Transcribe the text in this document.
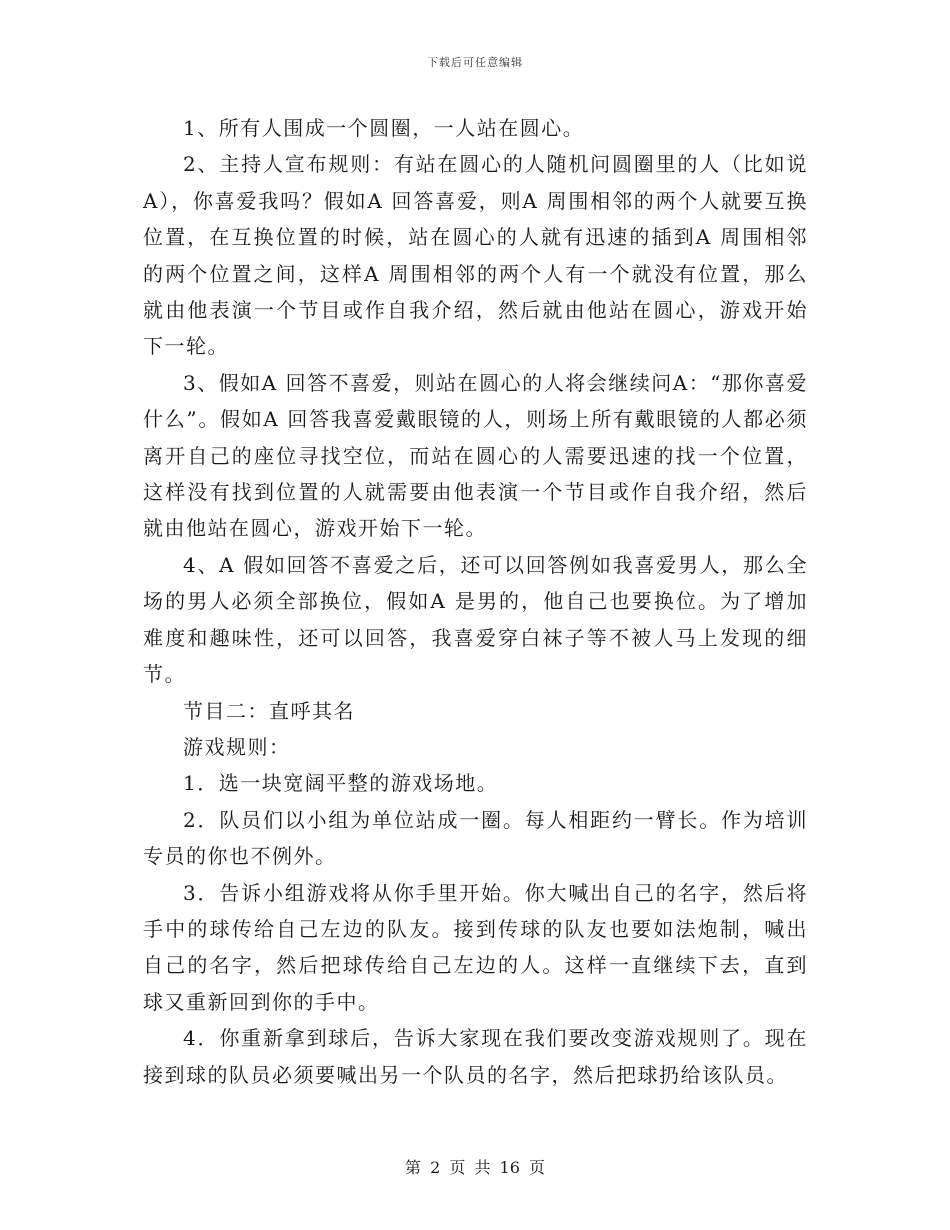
下载后可任意编辑

1、所有人围成一个圆圈，一人站在圆心。

2、主持人宣布规则：有站在圆心的人随机问圆圈里的人（比如说A），你喜爱我吗？假如A 回答喜爱，则A 周围相邻的两个人就要互换位置，在互换位置的时候，站在圆心的人就有迅速的插到A 周围相邻的两个位置之间，这样A 周围相邻的两个人有一个就没有位置，那么就由他表演一个节目或作自我介绍，然后就由他站在圆心，游戏开始下一轮。

3、假如A 回答不喜爱，则站在圆心的人将会继续问A：“那你喜爱什么”。假如A 回答我喜爱戴眼镜的人，则场上所有戴眼镜的人都必须离开自己的座位寻找空位，而站在圆心的人需要迅速的找一个位置，这样没有找到位置的人就需要由他表演一个节目或作自我介绍，然后就由他站在圆心，游戏开始下一轮。

4、A 假如回答不喜爱之后，还可以回答例如我喜爱男人，那么全场的男人必须全部换位，假如A 是男的，他自己也要换位。为了增加难度和趣味性，还可以回答，我喜爱穿白袜子等不被人马上发现的细节。

节目二：直呼其名

游戏规则：

1．选一块宽阔平整的游戏场地。

2．队员们以小组为单位站成一圈。每人相距约一臂长。作为培训专员的你也不例外。

3．告诉小组游戏将从你手里开始。你大喊出自己的名字，然后将手中的球传给自己左边的队友。接到传球的队友也要如法炮制，喊出自己的名字，然后把球传给自己左边的人。这样一直继续下去，直到球又重新回到你的手中。

4．你重新拿到球后，告诉大家现在我们要改变游戏规则了。现在接到球的队员必须要喊出另一个队员的名字，然后把球扔给该队员。

第 2 页 共 16 页
